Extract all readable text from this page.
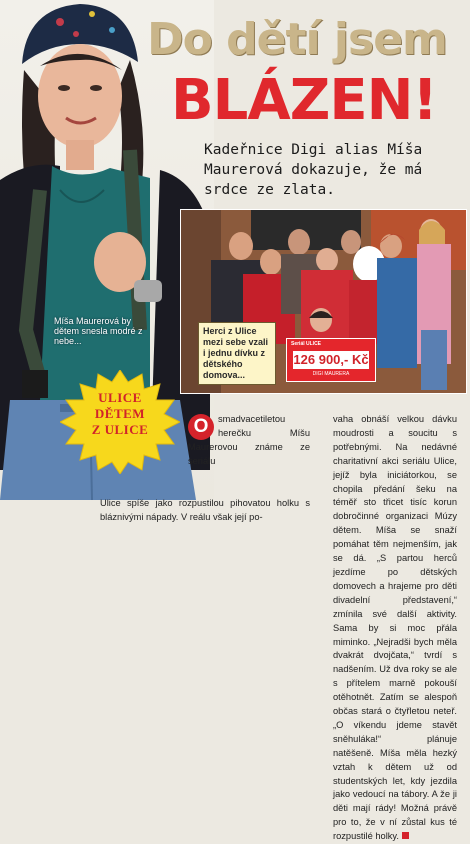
Míša Maurerová by dětem snesla modré z nebe...
ULICE
DĚTEM
Z ULICE
Do dětí jsem
BLÁZEN!
Kadeřnice Digi alias Míša Maurerová dokazuje, že má srdce ze zlata.
Herci z Ulice mezi sebe vzali i jednu dívku z dětského domova...
Seriál ULICE
126 900,- Kč
DIGI MAURERA
O	smadvacetiletou herečku Míšu Maurerovou známe ze seriálu

Ulice spíše jako rozpustilou pihovatou holku s bláznivými nápady. V reálu však její po-

vaha obnáší velkou dávku moudrosti a soucitu s potřebnými. Na nedávné charitativní akci seriálu Ulice, jejíž byla iniciátorkou, se chopila předání šeku na téměř sto třicet tisíc korun dobročinné organizaci Múzy dětem. Míša se snaží pomáhat těm nejmenším, jak se dá. „S partou herců jezdíme po dětských domovech a hrajeme pro děti divadelní představení,“ zmínila své další aktivity. Sama by si moc přála miminko. „Nejradši bych měla dvakrát dvojčata,“ tvrdí s nadšením. Už dva roky se ale s přítelem marně pokouší otěhotnět. Zatím se alespoň občas stará o čtyřletou neteř. „O víkendu jdeme stavět sněhuláka!“ plánuje natěšeně. Míša měla hezký vztah k dětem už od studentských let, kdy jezdila jako vedoucí na tábory. A že ji děti mají rády! Možná právě pro to, že v ní zůstal kus té rozpustilé holky.
